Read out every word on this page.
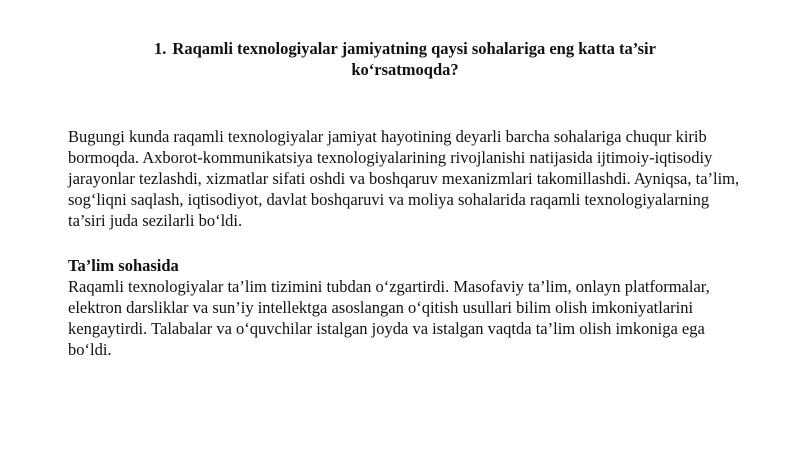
1. Raqamli texnologiyalar jamiyatning qaysi sohalariga eng katta ta’sir ko‘rsatmoqda?

Bugungi kunda raqamli texnologiyalar jamiyat hayotining deyarli barcha sohalariga chuqur kirib bormoqda. Axborot-kommunikatsiya texnologiyalarining rivojlanishi natijasida ijtimoiy-iqtisodiy jarayonlar tezlashdi, xizmatlar sifati oshdi va boshqaruv mexanizmlari takomillashdi. Ayniqsa, ta’lim, sog‘liqni saqlash, iqtisodiyot, davlat boshqaruvi va moliya sohalarida raqamli texnologiyalarning ta’siri juda sezilarli bo‘ldi.

Ta’lim sohasida

Raqamli texnologiyalar ta’lim tizimini tubdan o‘zgartirdi. Masofaviy ta’lim, onlayn platformalar, elektron darsliklar va sun’iy intellektga asoslangan o‘qitish usullari bilim olish imkoniyatlarini kengaytirdi. Talabalar va o‘quvchilar istalgan joyda va istalgan vaqtda ta’lim olish imkoniga ega bo‘ldi.
